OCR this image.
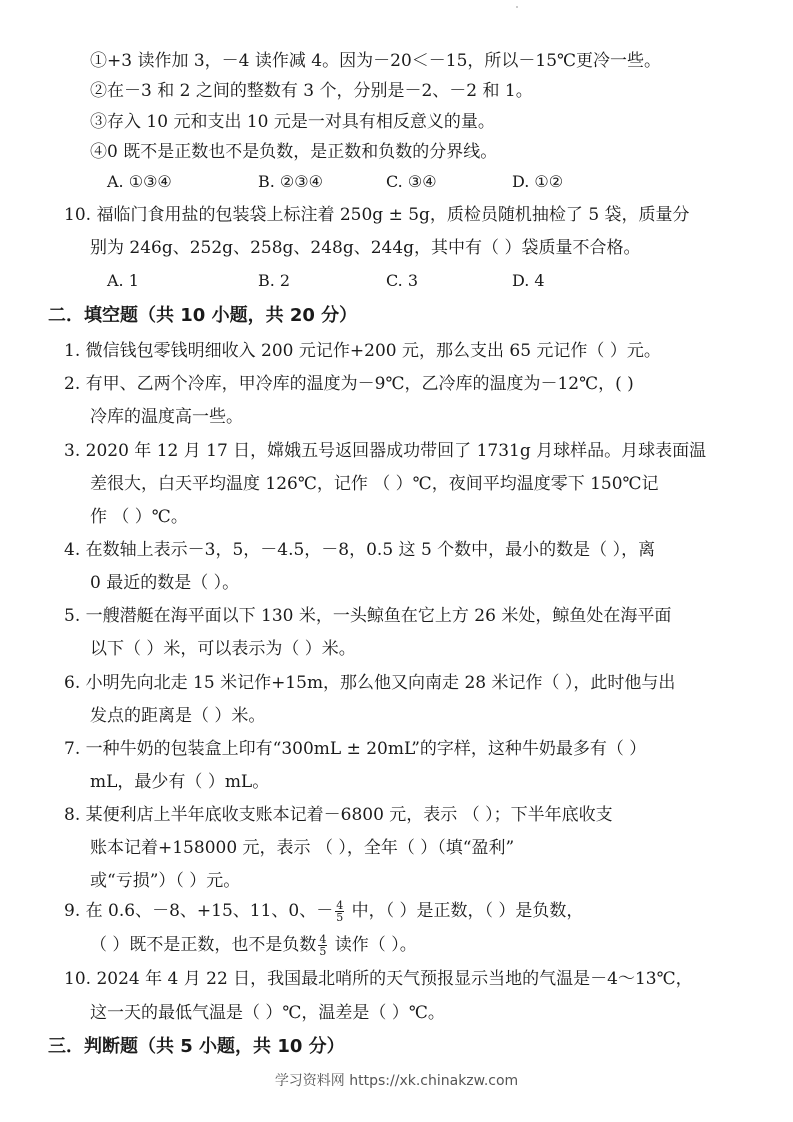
①+3 读作加 3，－4 读作减 4。因为－20＜－15，所以－15℃更冷一些。
②在－3 和 2 之间的整数有 3 个，分别是－2、－2 和 1。
③存入 10 元和支出 10 元是一对具有相反意义的量。
④0 既不是正数也不是负数，是正数和负数的分界线。
A. ①③④	B. ②③④	C. ③④	D. ①②
10. 福临门食用盐的包装袋上标注着 250g ± 5g，质检员随机抽检了 5 袋，质量分
别为 246g、252g、258g、248g、244g，其中有（ ）袋质量不合格。
A. 1	B. 2	C. 3	D. 4
二．填空题（共 10 小题，共 20 分）
1. 微信钱包零钱明细收入 200 元记作+200 元，那么支出 65 元记作（ ）元。
2. 有甲、乙两个冷库，甲冷库的温度为－9℃，乙冷库的温度为－12℃，( )
冷库的温度高一些。
3. 2020 年 12 月 17 日，嫦娥五号返回器成功带回了 1731g 月球样品。月球表面温
差很大，白天平均温度 126℃，记作 （ ）℃，夜间平均温度零下 150℃记
作 （ ）℃。
4. 在数轴上表示－3，5，－4.5，－8，0.5 这 5 个数中，最小的数是（ ），离
0 最近的数是（ ）。
5. 一艘潜艇在海平面以下 130 米，一头鲸鱼在它上方 26 米处，鲸鱼处在海平面
以下（ ）米，可以表示为（ ）米。
6. 小明先向北走 15 米记作+15m，那么他又向南走 28 米记作（ ），此时他与出
发点的距离是（ ）米。
7. 一种牛奶的包装盒上印有“300mL ± 20mL”的字样，这种牛奶最多有（ ）
mL，最少有（ ）mL。
8. 某便利店上半年底收支账本记着－6800 元，表示 （ ）；下半年底收支
账本记着+158000 元，表示 （ ），全年（ ）（填“盈利”
或“亏损”）（ ）元。
9. 在 0.6、－8、+15、11、0、－ $\frac{4}{5}$ 中，（ ）是正数，（ ）是负数，
（ ）既不是正数，也不是负数 $\frac{4}{5}$ 读作（ ）。
10. 2024 年 4 月 22 日，我国最北哨所的天气预报显示当地的气温是－4～13℃，
这一天的最低气温是（ ）℃，温差是（ ）℃。
三．判断题（共 5 小题，共 10 分）
学习资料网 https://xk.chinakzw.com
